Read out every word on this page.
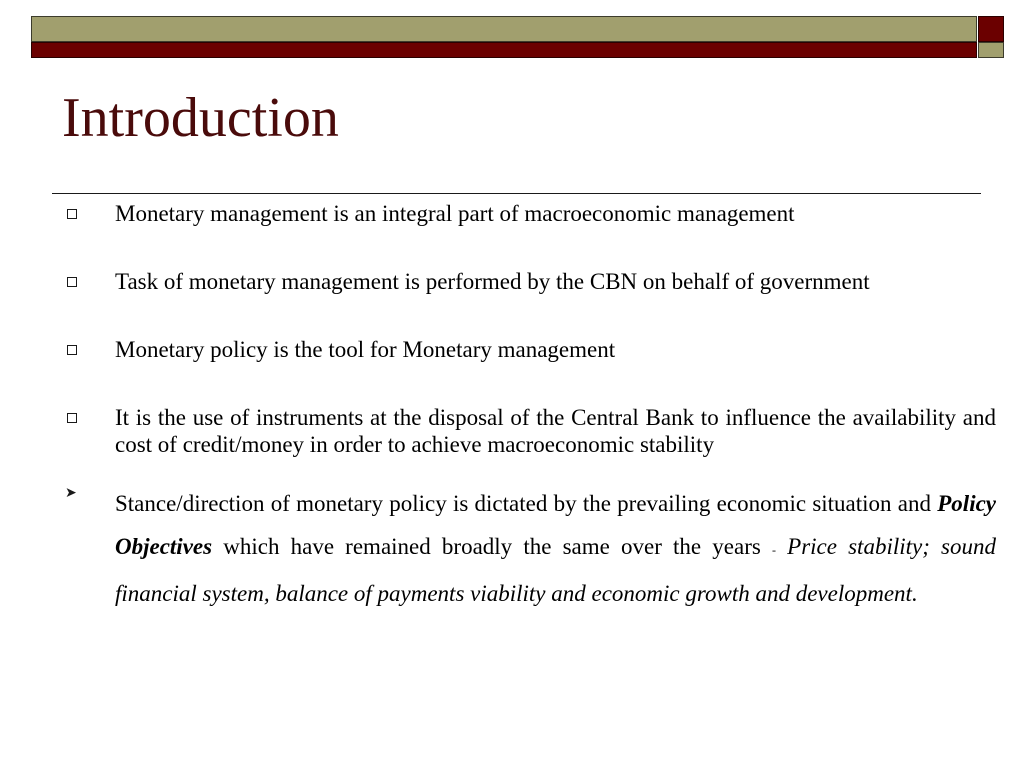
Introduction
Monetary management is an integral part of macroeconomic management
Task of monetary management is performed by the CBN on behalf of government
Monetary policy is the tool for Monetary management
It is the use of instruments at the disposal of the Central Bank to influence the availability and cost of credit/money in order to achieve macroeconomic stability
➤ Stance/direction of monetary policy is dictated by the prevailing economic situation and Policy Objectives which have remained broadly the same over the years - Price stability; sound financial system, balance of payments viability and economic growth and development.
